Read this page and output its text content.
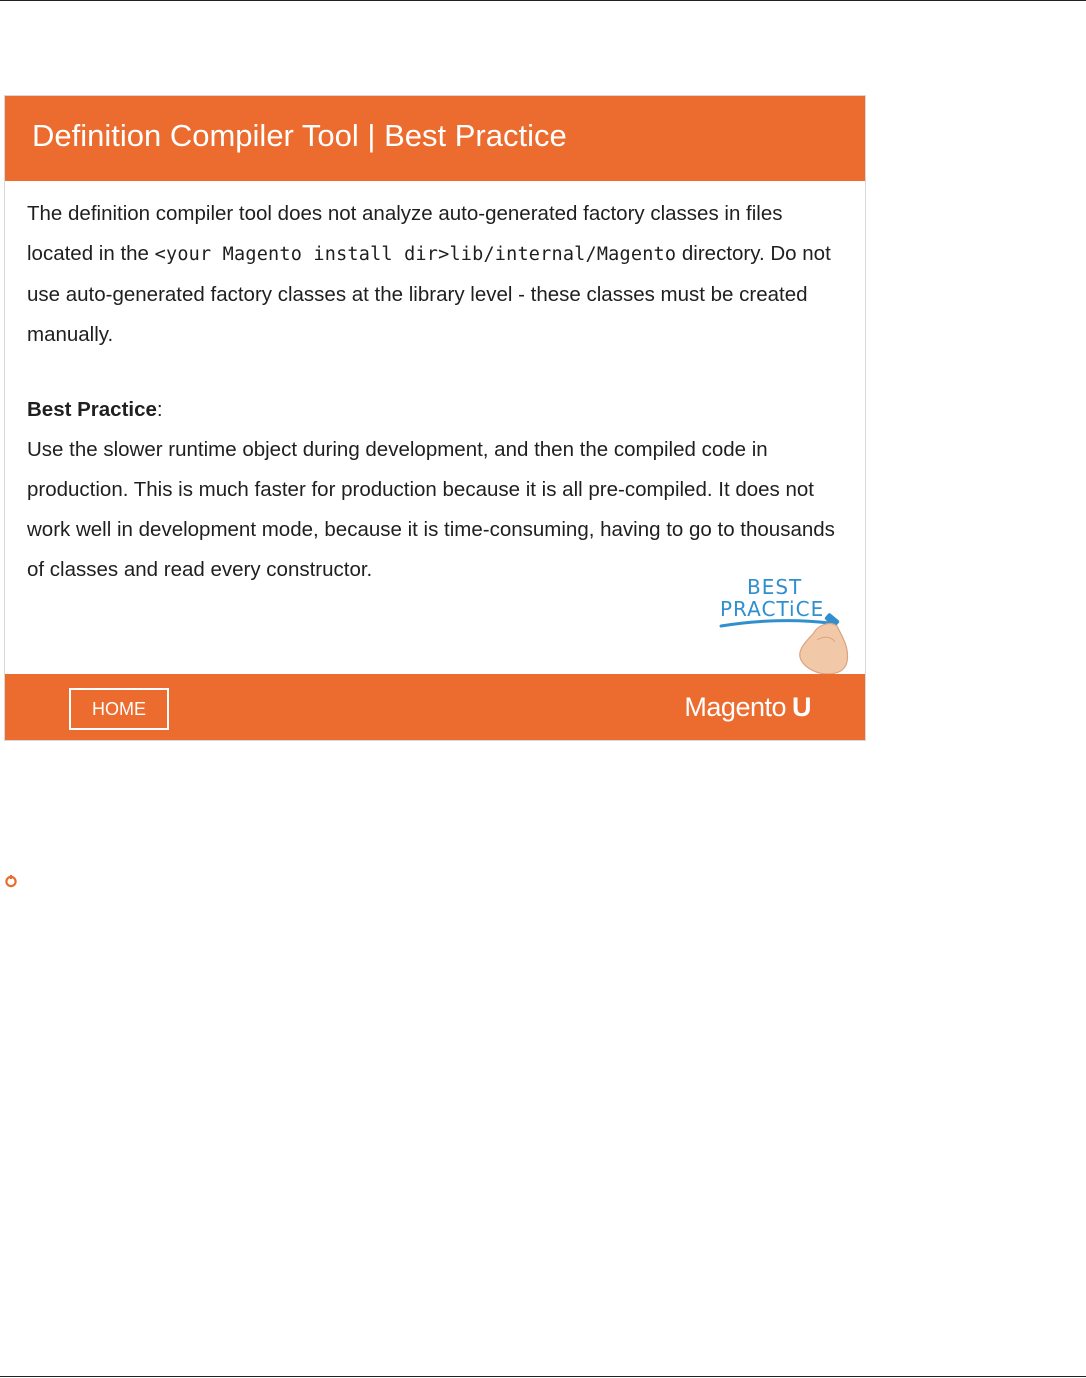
Definition Compiler Tool | Best Practice

The definition compiler tool does not analyze auto-generated factory classes in files located in the <your Magento install dir>lib/internal/Magento directory. Do not use auto-generated factory classes at the library level - these classes must be created manually.

Best Practice:

Use the slower runtime object during development, and then the compiled code in production. This is much faster for production because it is all pre-compiled. It does not work well in development mode, because it is time-consuming, having to go to thousands of classes and read every constructor.

BEST
PRACTiCE
HOME	Magento U
